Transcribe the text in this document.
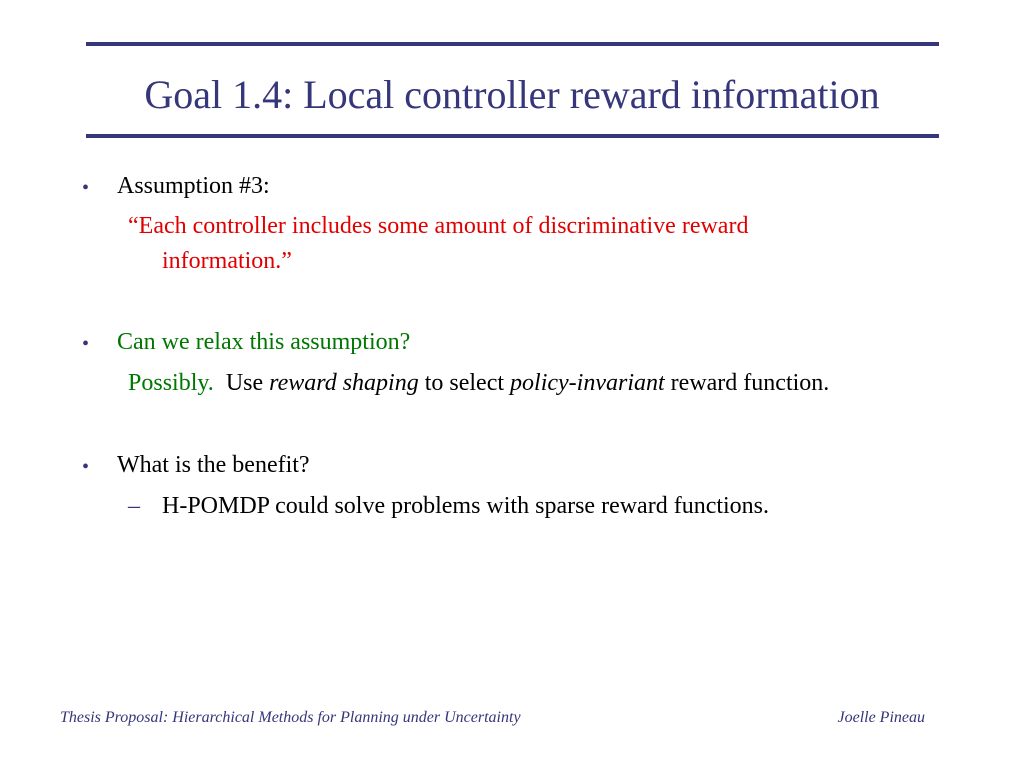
Goal 1.4: Local controller reward information
• Assumption #3:
“Each controller includes some amount of discriminative reward
information.”
• Can we relax this assumption?
Possibly. Use reward shaping to select policy-invariant reward function.
• What is the benefit?
– H-POMDP could solve problems with sparse reward functions.
Thesis Proposal: Hierarchical Methods for Planning under Uncertainty	Joelle Pineau
